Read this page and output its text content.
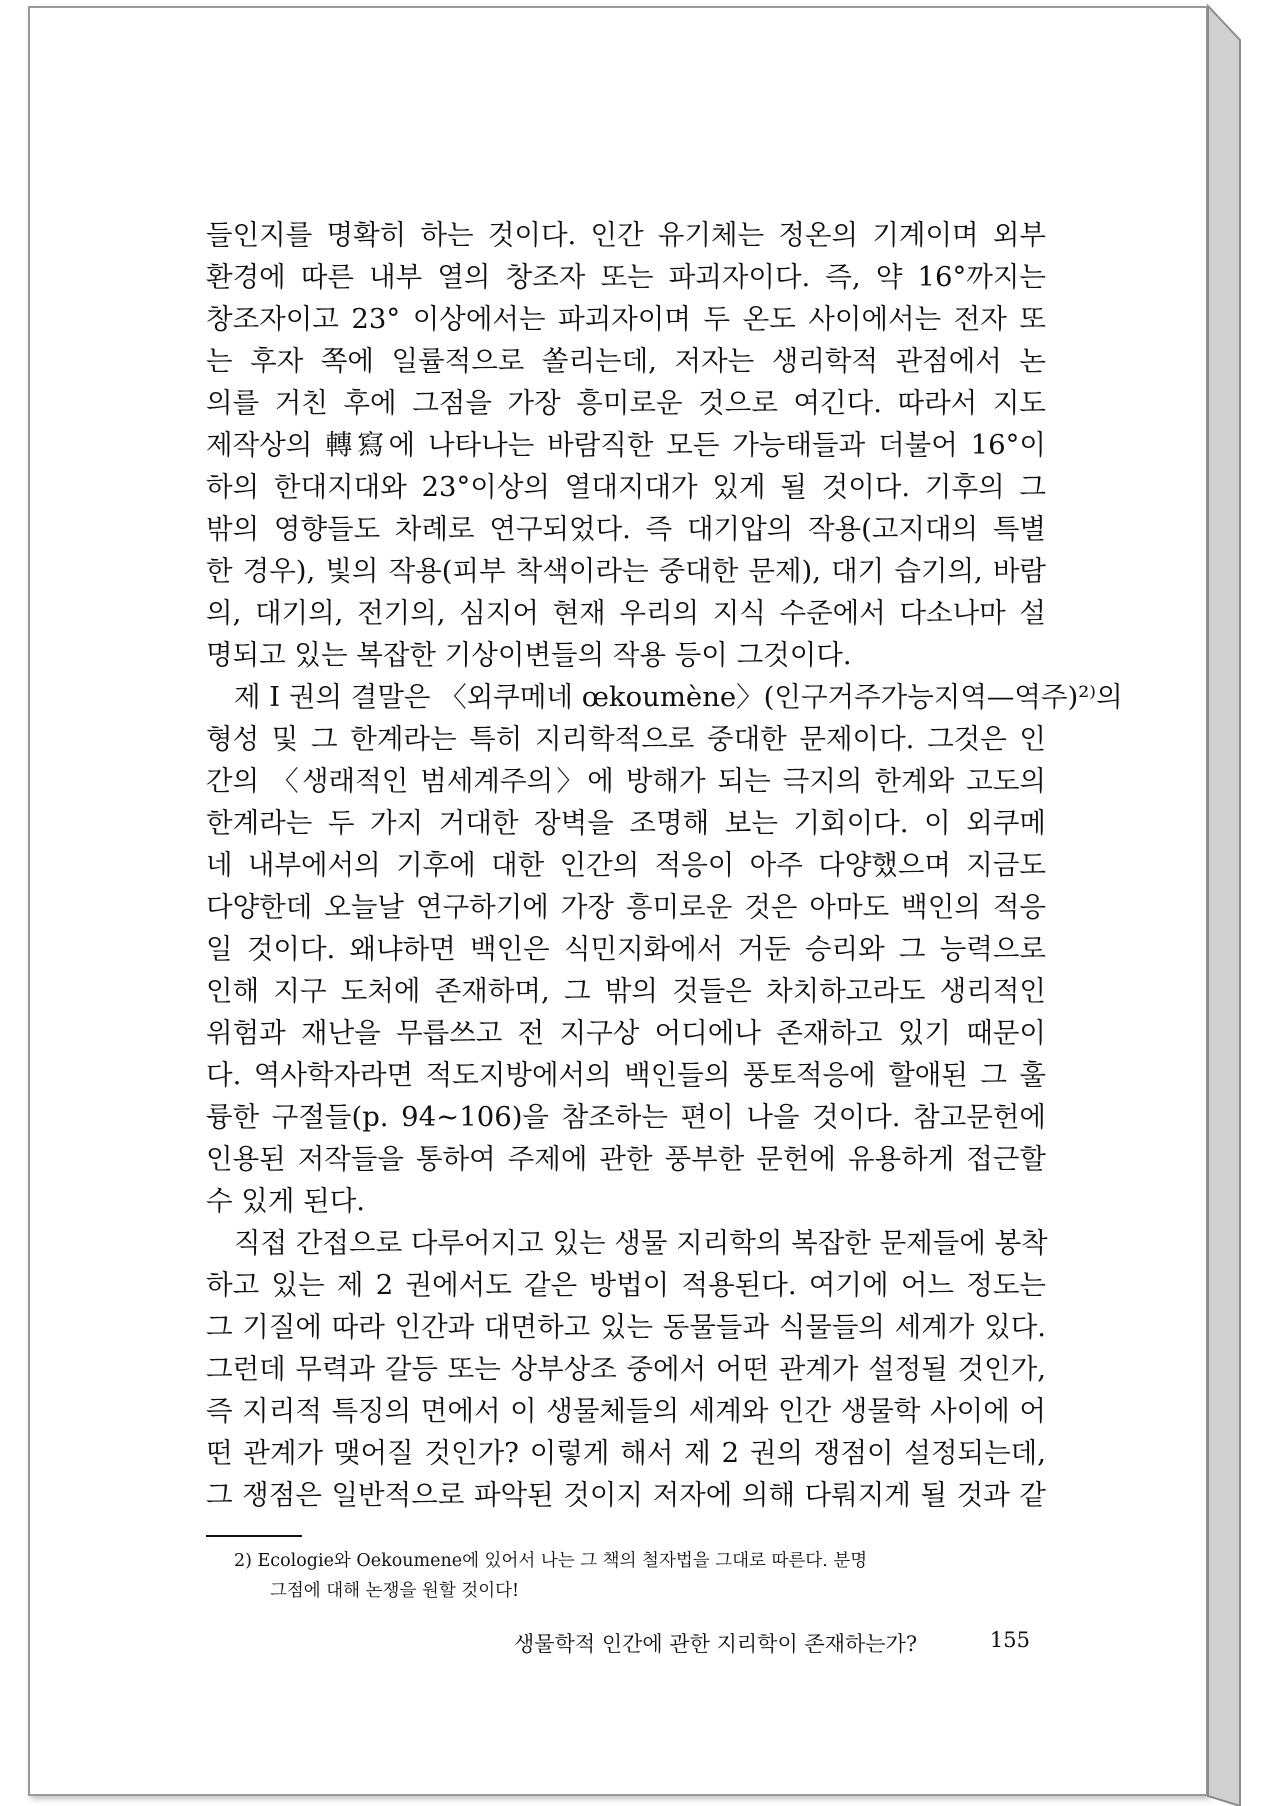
들인지를 명확히 하는 것이다. 인간 유기체는 정온의 기계이며 외부
환경에 따른 내부 열의 창조자 또는 파괴자이다. 즉, 약 16°까지는
창조자이고 23° 이상에서는 파괴자이며 두 온도 사이에서는 전자 또
는 후자 쪽에 일률적으로 쏠리는데, 저자는 생리학적 관점에서 논
의를 거친 후에 그점을 가장 흥미로운 것으로 여긴다. 따라서 지도
제작상의 轉寫에 나타나는 바람직한 모든 가능태들과 더불어 16°이
하의 한대지대와 23°이상의 열대지대가 있게 될 것이다. 기후의 그
밖의 영향들도 차례로 연구되었다. 즉 대기압의 작용(고지대의 특별
한 경우), 빛의 작용(피부 착색이라는 중대한 문제), 대기 습기의, 바람
의, 대기의, 전기의, 심지어 현재 우리의 지식 수준에서 다소나마 설
명되고 있는 복잡한 기상이변들의 작용 등이 그것이다.
제 I 권의 결말은 〈외쿠메네 œkoumène〉(인구거주가능지역—역주)²⁾의
형성 및 그 한계라는 특히 지리학적으로 중대한 문제이다. 그것은 인
간의 〈생래적인 범세계주의〉에 방해가 되는 극지의 한계와 고도의
한계라는 두 가지 거대한 장벽을 조명해 보는 기회이다. 이 외쿠메
네 내부에서의 기후에 대한 인간의 적응이 아주 다양했으며 지금도
다양한데 오늘날 연구하기에 가장 흥미로운 것은 아마도 백인의 적응
일 것이다. 왜냐하면 백인은 식민지화에서 거둔 승리와 그 능력으로
인해 지구 도처에 존재하며, 그 밖의 것들은 차치하고라도 생리적인
위험과 재난을 무릅쓰고 전 지구상 어디에나 존재하고 있기 때문이
다. 역사학자라면 적도지방에서의 백인들의 풍토적응에 할애된 그 훌
륭한 구절들(p. 94~106)을 참조하는 편이 나을 것이다. 참고문헌에
인용된 저작들을 통하여 주제에 관한 풍부한 문헌에 유용하게 접근할
수 있게 된다.
직접 간접으로 다루어지고 있는 생물 지리학의 복잡한 문제들에 봉착
하고 있는 제 2 권에서도 같은 방법이 적용된다. 여기에 어느 정도는
그 기질에 따라 인간과 대면하고 있는 동물들과 식물들의 세계가 있다.
그런데 무력과 갈등 또는 상부상조 중에서 어떤 관계가 설정될 것인가,
즉 지리적 특징의 면에서 이 생물체들의 세계와 인간 생물학 사이에 어
떤 관계가 맺어질 것인가? 이렇게 해서 제 2 권의 쟁점이 설정되는데,
그 쟁점은 일반적으로 파악된 것이지 저자에 의해 다뤄지게 될 것과 같
2) Ecologie와 Oekoumene에 있어서 나는 그 책의 철자법을 그대로 따른다. 분명
그점에 대해 논쟁을 원할 것이다!
생물학적 인간에 관한 지리학이 존재하는가?	155
